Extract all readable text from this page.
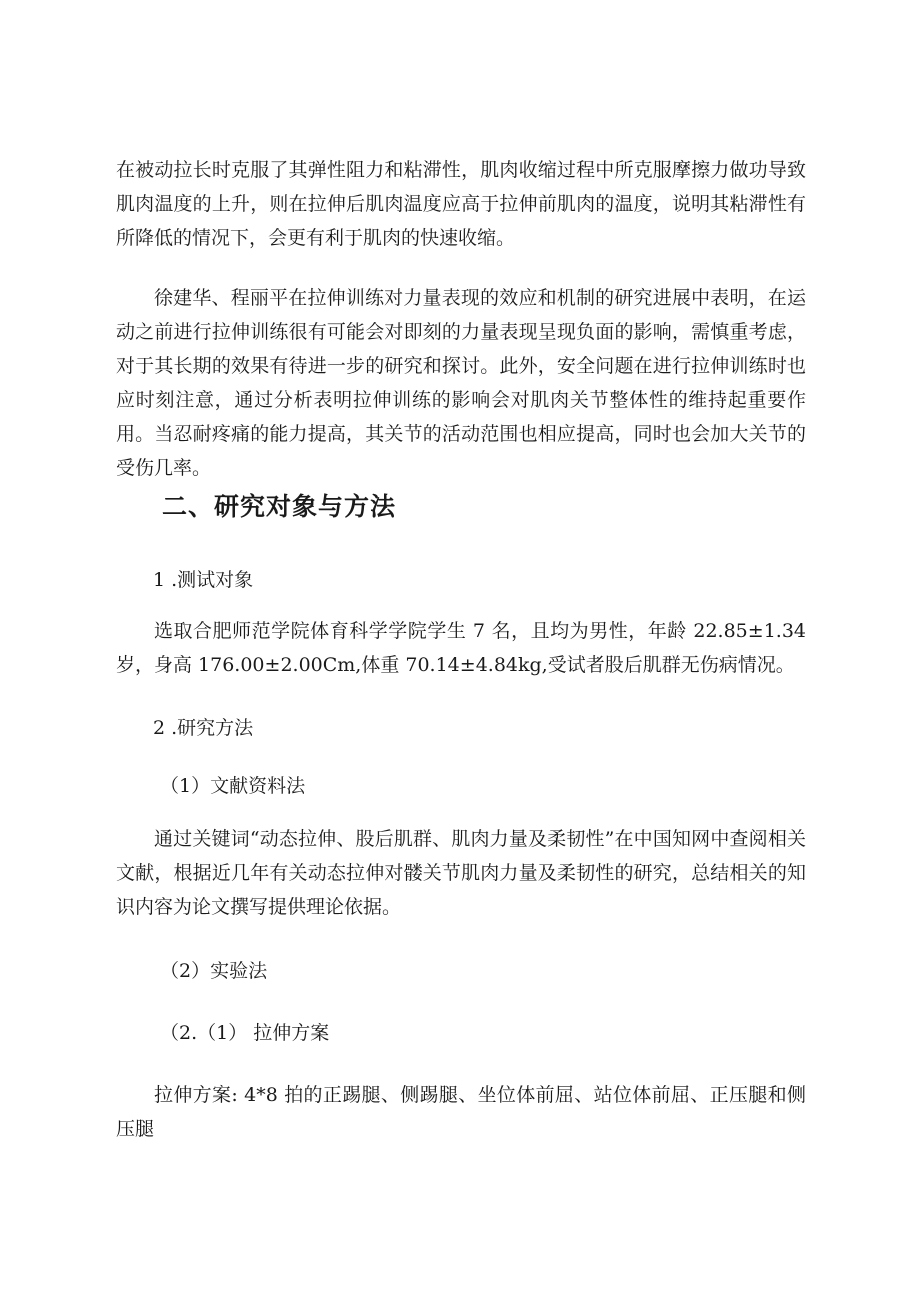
在被动拉长时克服了其弹性阻力和粘滞性，肌肉收缩过程中所克服摩擦力做功导致肌肉温度的上升，则在拉伸后肌肉温度应高于拉伸前肌肉的温度，说明其粘滞性有所降低的情况下，会更有利于肌肉的快速收缩。

徐建华、程丽平在拉伸训练对力量表现的效应和机制的研究进展中表明，在运动之前进行拉伸训练很有可能会对即刻的力量表现呈现负面的影响，需慎重考虑，对于其长期的效果有待进一步的研究和探讨。此外，安全问题在进行拉伸训练时也应时刻注意，通过分析表明拉伸训练的影响会对肌肉关节整体性的维持起重要作用。当忍耐疼痛的能力提高，其关节的活动范围也相应提高，同时也会加大关节的受伤几率。

二、研究对象与方法

1 .测试对象

选取合肥师范学院体育科学学院学生 7 名，且均为男性，年龄 22.85±1.34 岁，身高 176.00±2.00Cm,体重 70.14±4.84kg,受试者股后肌群无伤病情况。

2 .研究方法

（1）文献资料法

通过关键词“动态拉伸、股后肌群、肌肉力量及柔韧性”在中国知网中查阅相关文献，根据近几年有关动态拉伸对髅关节肌肉力量及柔韧性的研究，总结相关的知识内容为论文撰写提供理论依据。

（2）实验法

（2.（1） 拉伸方案

拉伸方案: 4*8 拍的正踢腿、侧踢腿、坐位体前屈、站位体前屈、正压腿和侧压腿
